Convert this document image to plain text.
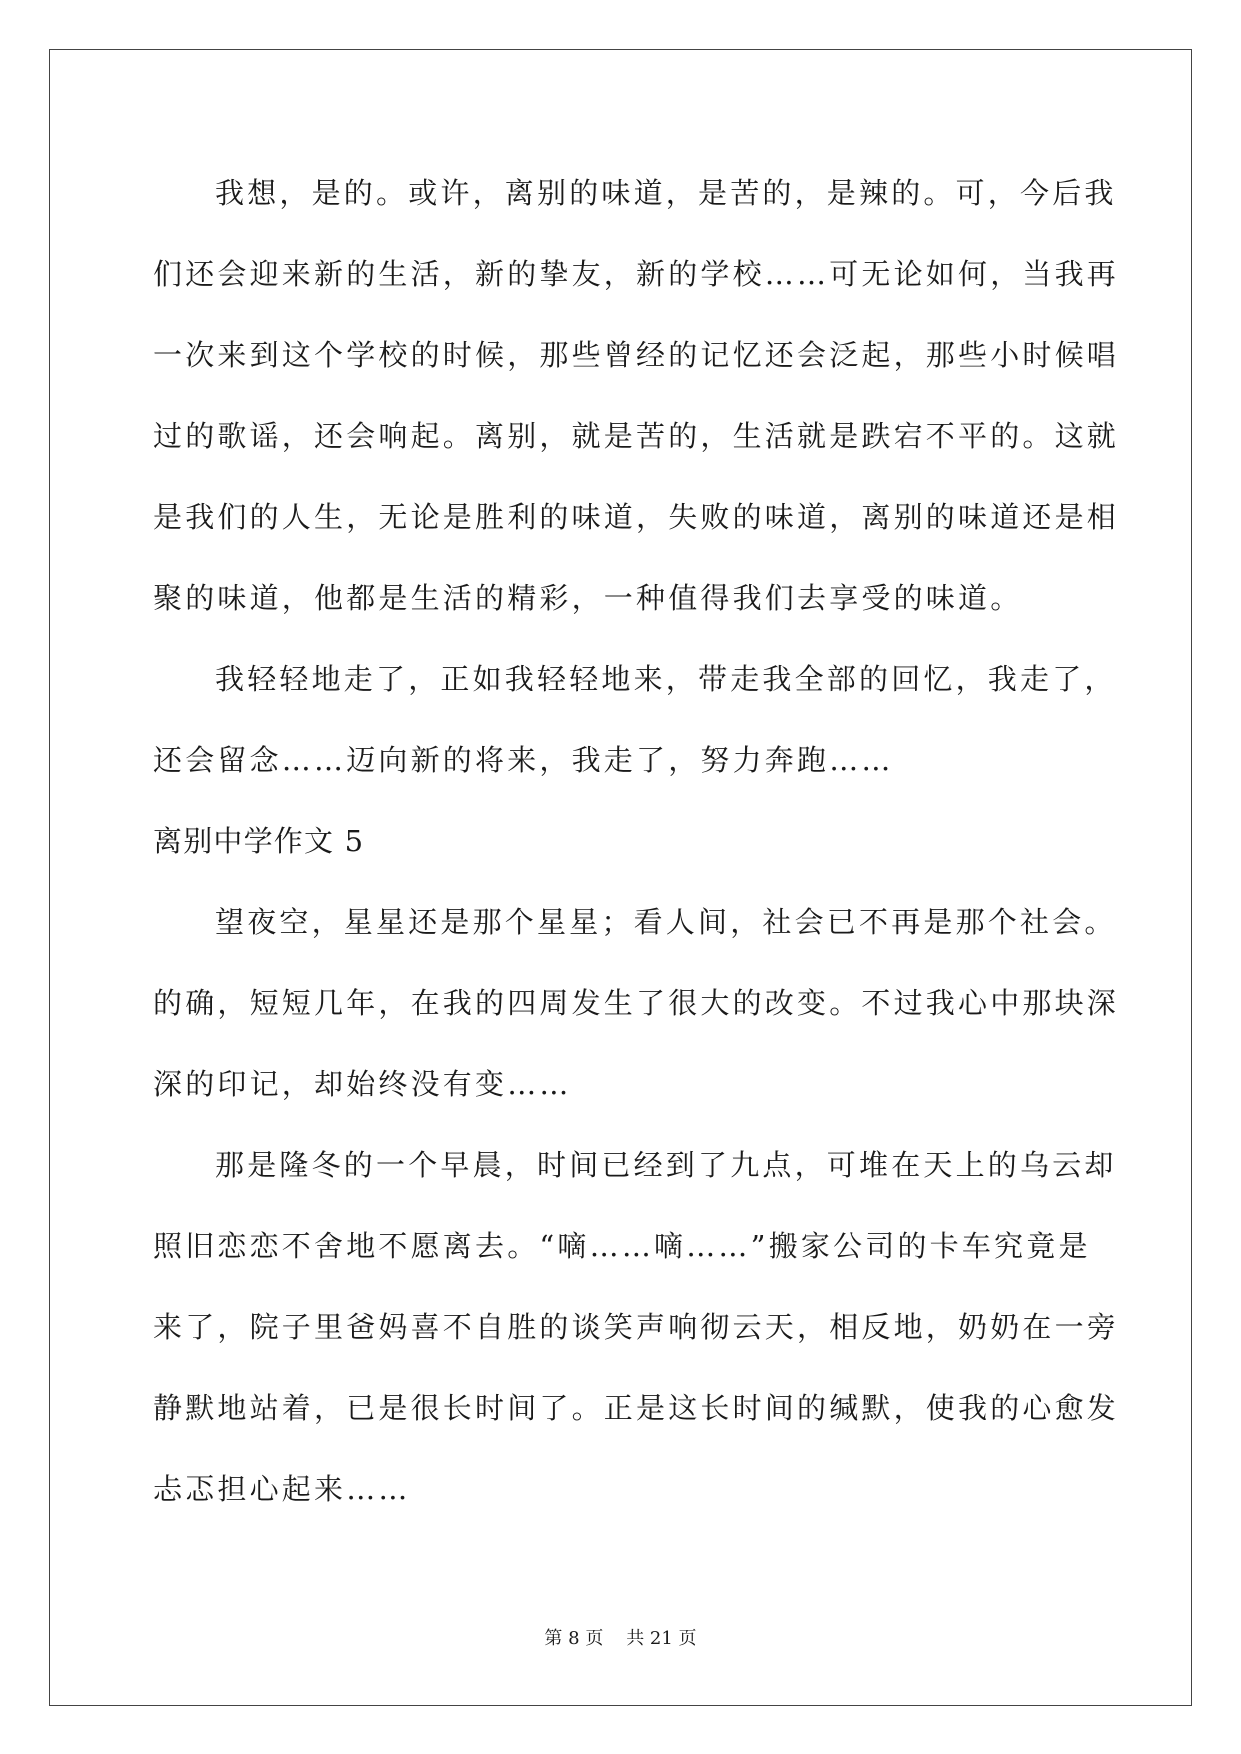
我想，是的。或许，离别的味道，是苦的，是辣的。可，今后我
们还会迎来新的生活，新的挚友，新的学校……可无论如何，当我再
一次来到这个学校的时候，那些曾经的记忆还会泛起，那些小时候唱
过的歌谣，还会响起。离别，就是苦的，生活就是跌宕不平的。这就
是我们的人生，无论是胜利的味道，失败的味道，离别的味道还是相
聚的味道，他都是生活的精彩，一种值得我们去享受的味道。
我轻轻地走了，正如我轻轻地来，带走我全部的回忆，我走了，
还会留念……迈向新的将来，我走了，努力奔跑……
离别中学作文 5
望夜空，星星还是那个星星；看人间，社会已不再是那个社会。
的确，短短几年，在我的四周发生了很大的改变。不过我心中那块深
深的印记，却始终没有变……
那是隆冬的一个早晨，时间已经到了九点，可堆在天上的乌云却
照旧恋恋不舍地不愿离去。“嘀……嘀……”搬家公司的卡车究竟是
来了，院子里爸妈喜不自胜的谈笑声响彻云天，相反地，奶奶在一旁
静默地站着，已是很长时间了。正是这长时间的缄默，使我的心愈发
忐忑担心起来……
第 8 页    共 21 页
